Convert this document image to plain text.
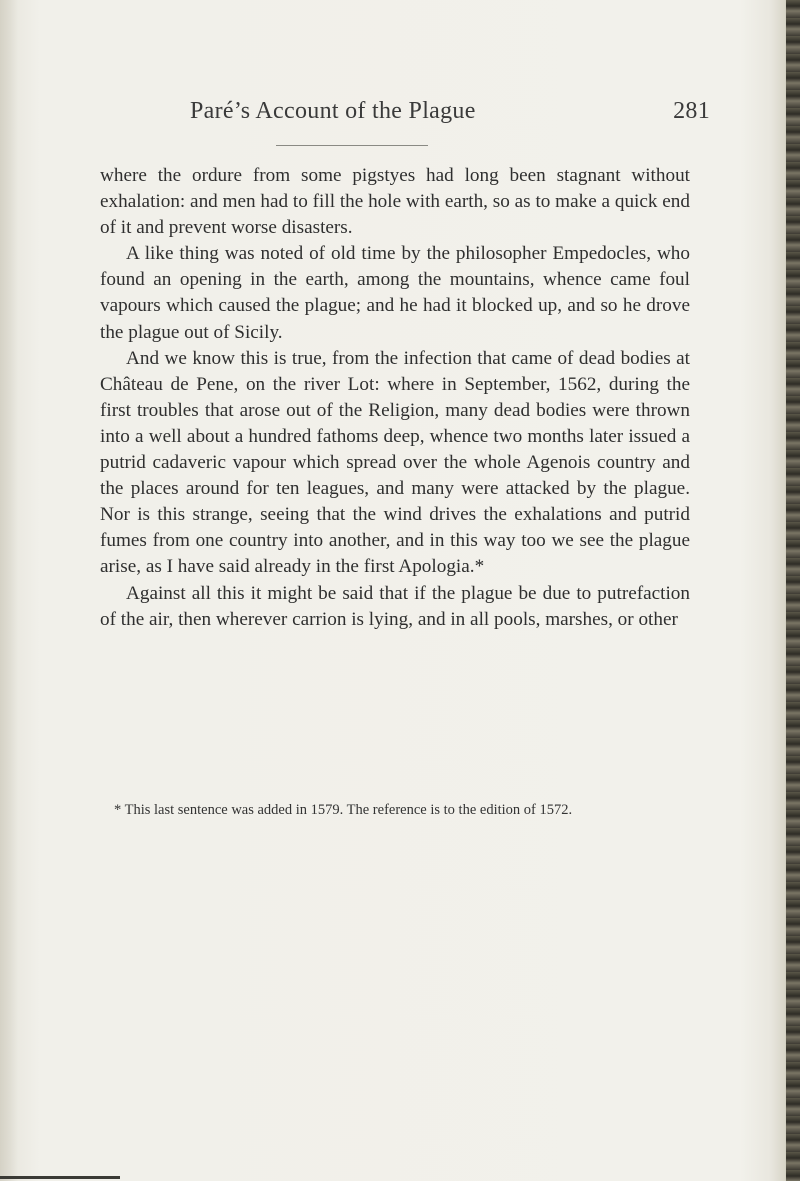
Paré’s Account of the Plague	281

where the ordure from some pigstyes had long been stagnant without exhalation: and men had to fill the hole with earth, so as to make a quick end of it and prevent worse disasters.

A like thing was noted of old time by the philosopher Empedocles, who found an opening in the earth, among the mountains, whence came foul vapours which caused the plague; and he had it blocked up, and so he drove the plague out of Sicily.

And we know this is true, from the infection that came of dead bodies at Château de Pene, on the river Lot: where in September, 1562, during the first troubles that arose out of the Religion, many dead bodies were thrown into a well about a hundred fathoms deep, whence two months later issued a putrid cadaveric vapour which spread over the whole Agenois country and the places around for ten leagues, and many were attacked by the plague. Nor is this strange, seeing that the wind drives the exhalations and putrid fumes from one country into another, and in this way too we see the plague arise, as I have said already in the first Apologia.*

Against all this it might be said that if the plague be due to putrefaction of the air, then wherever carrion is lying, and in all pools, marshes, or other

* This last sentence was added in 1579. The reference is to the edition of 1572.
